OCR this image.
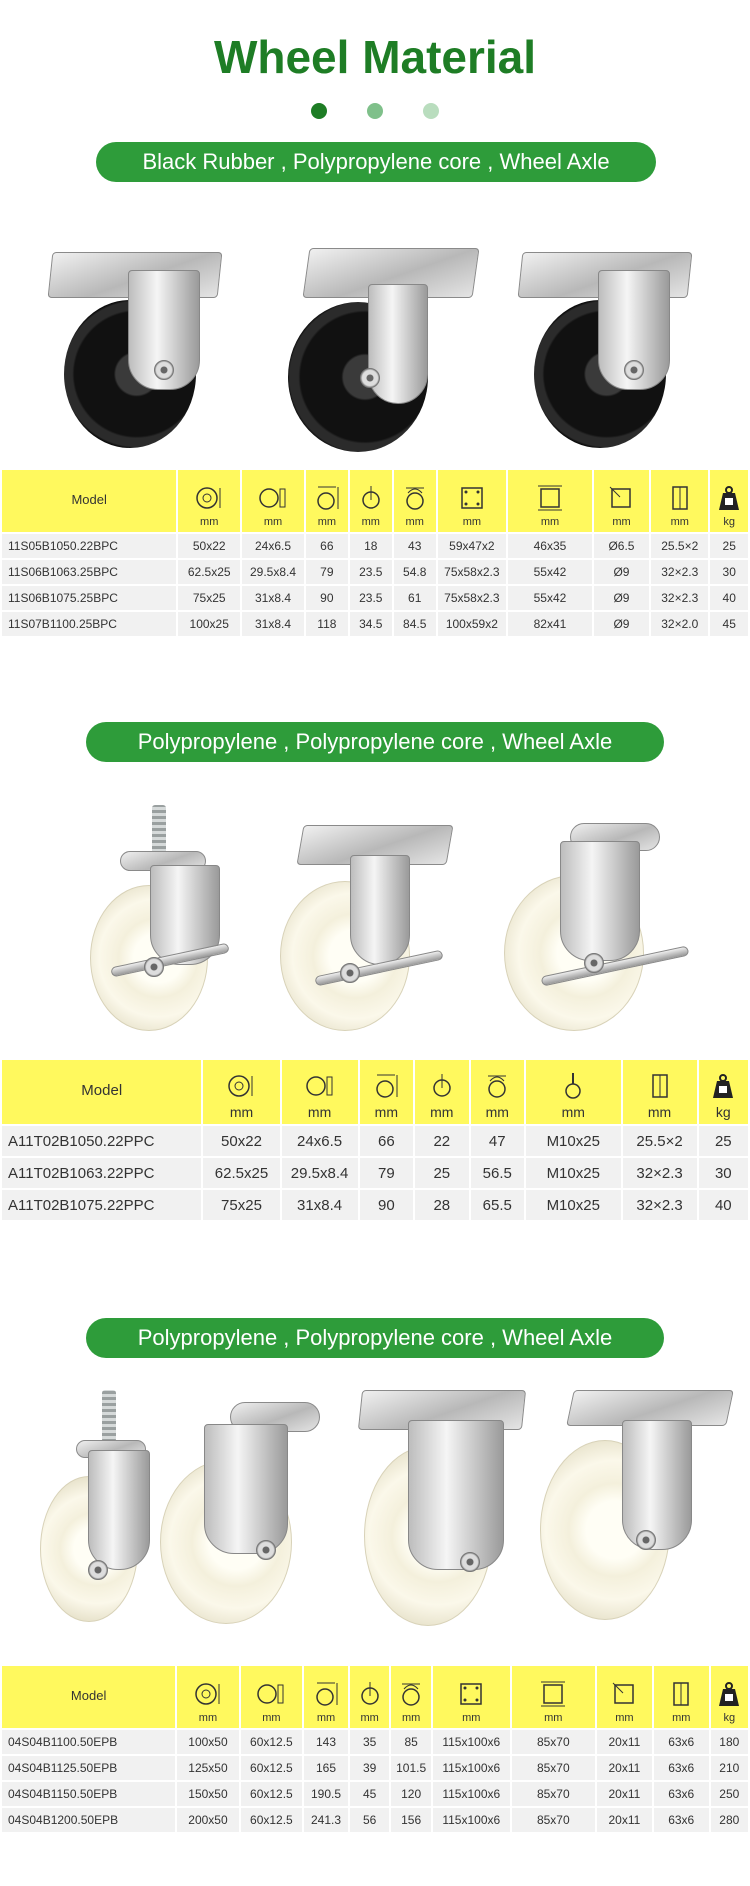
Wheel Material
Black Rubber , Polypropylene core , Wheel Axle
Model	mm	mm	mm	mm	mm	mm	mm	mm	mm	kg
11S05B1050.22BPC	50x22	24x6.5	66	18	43	59x47x2	46x35	Ø6.5	25.5×2	25
11S06B1063.25BPC	62.5x25	29.5x8.4	79	23.5	54.8	75x58x2.3	55x42	Ø9	32×2.3	30
11S06B1075.25BPC	75x25	31x8.4	90	23.5	61	75x58x2.3	55x42	Ø9	32×2.3	40
11S07B1100.25BPC	100x25	31x8.4	118	34.5	84.5	100x59x2	82x41	Ø9	32×2.0	45
Polypropylene , Polypropylene core , Wheel Axle
Model	mm	mm	mm	mm	mm	mm	mm	kg
A11T02B1050.22PPC	50x22	24x6.5	66	22	47	M10x25	25.5×2	25
A11T02B1063.22PPC	62.5x25	29.5x8.4	79	25	56.5	M10x25	32×2.3	30
A11T02B1075.22PPC	75x25	31x8.4	90	28	65.5	M10x25	32×2.3	40
Polypropylene , Polypropylene core , Wheel Axle
Model	mm	mm	mm	mm	mm	mm	mm	mm	mm	kg
04S04B1100.50EPB	100x50	60x12.5	143	35	85	115x100x6	85x70	20x11	63x6	180
04S04B1125.50EPB	125x50	60x12.5	165	39	101.5	115x100x6	85x70	20x11	63x6	210
04S04B1150.50EPB	150x50	60x12.5	190.5	45	120	115x100x6	85x70	20x11	63x6	250
04S04B1200.50EPB	200x50	60x12.5	241.3	56	156	115x100x6	85x70	20x11	63x6	280
